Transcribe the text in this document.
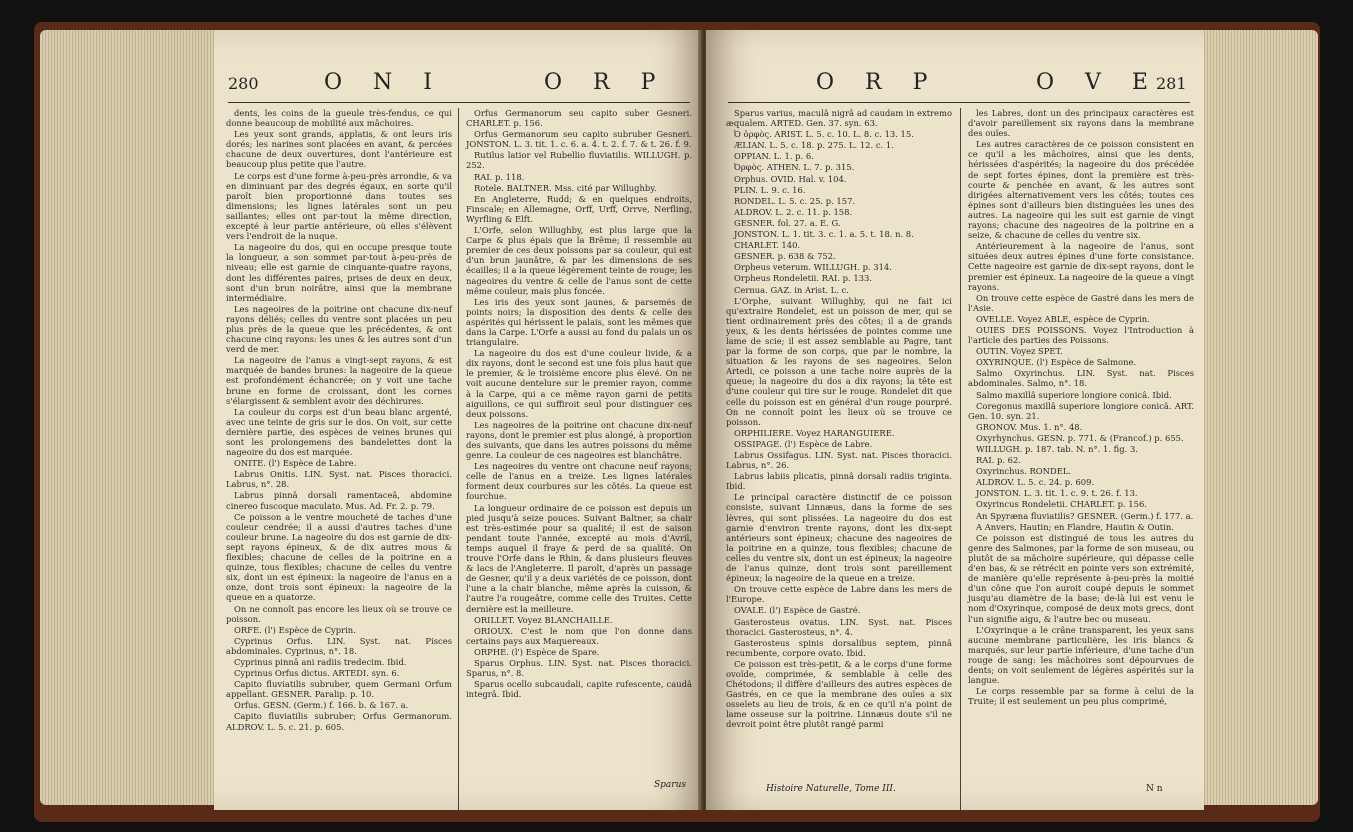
280	O N I	O R P

dents, les coins de la gueule très-fendus, ce qui donne beaucoup de mobilité aux mâchoires.

Les yeux sont grands, applatis, & ont leurs iris dorés; les narines sont placées en avant, & percées chacune de deux ouvertures, dont l'antérieure est beaucoup plus petite que l'autre.

Le corps est d'une forme à-peu-près arrondie, & va en diminuant par des degrés égaux, en sorte qu'il paroît bien proportionné dans toutes ses dimensions; les lignes latérales sont un peu saillantes; elles ont par-tout la même direction, excepté à leur partie antérieure, où elles s'élèvent vers l'endroit de la nuque.

La nageoire du dos, qui en occupe presque toute la longueur, a son sommet par-tout à-peu-près de niveau; elle est garnie de cinquante-quatre rayons, dont les différentes paires, prises de deux en deux, sont d'un brun noirâtre, ainsi que la membrane intermédiaire.

Les nageoires de la poitrine ont chacune dix-neuf rayons déliés; celles du ventre sont placées un peu plus près de la queue que les précédentes, & ont chacune cinq rayons: les unes & les autres sont d'un verd de mer.

La nageoire de l'anus a vingt-sept rayons, & est marquée de bandes brunes: la nageoire de la queue est profondément échancrée; on y voit une tache brune en forme de croissant, dont les cornes s'élargissent & semblent avoir des déchirures.

La couleur du corps est d'un beau blanc argenté, avec une teinte de gris sur le dos. On voit, sur cette dernière partie, des espèces de veines brunes qui sont les prolongemens des bandelettes dont la nageoire du dos est marquée.

ONITE. (l') Espèce de Labre.

Labrus Onitis. LIN. Syst. nat. Pisces thoracici. Labrus, n°. 28.

Labrus pinnâ dorsali ramentaceâ, abdomine cinereo fuscoque maculato. Mus. Ad. Fr. 2. p. 79.

Ce poisson a le ventre moucheté de taches d'une couleur cendrée; il a aussi d'autres taches d'une couleur brune. La nageoire du dos est garnie de dix-sept rayons épineux, & de dix autres mous & flexibles; chacune de celles de la poitrine en a quinze, tous flexibles; chacune de celles du ventre six, dont un est épineux: la nageoire de l'anus en a onze, dont trois sont épineux: la nageoire de la queue en a quatorze.

On ne connoît pas encore les lieux où se trouve ce poisson.

ORFE. (l') Espèce de Cyprin.

Cyprinus Orfus. LIN. Syst. nat. Pisces abdominales. Cyprinus, n°. 18.

Cyprinus pinnâ ani radiis tredecim. Ibid.

Cyprinus Orfus dictus. ARTEDI. syn. 6.

Capito fluviatilis subruber, quem Germani Orfum appellant. GESNER. Paralip. p. 10.

Orfus. GESN. (Germ.) f. 166. b. & 167. a.

Capito fluviatilis subruber; Orfus Germanorum. ALDROV. L. 5. c. 21. p. 605.

Orfus Germanorum seu capito suber Gesneri. CHARLET. p. 156.

Orfus Germanorum seu capito subruber Gesneri. JONSTON. L. 3. tit. 1. c. 6. a. 4. t. 2. f. 7. & t. 26. f. 9.

Rutilus latior vel Rubellio fluviatilis. WILLUGH. p. 252.

RAI. p. 118.

Rotele. BALTNER. Mss. cité par Willughby.

En Angleterre, Rudd; & en quelques endroits, Finscale; en Allemagne, Orff, Urff, Orrve, Nerfling, Wyrfling & Elft.

L'Orfe, selon Willughby, est plus large que la Carpe & plus épais que la Brême; il ressemble au premier de ces deux poissons par sa couleur, qui est d'un brun jaunâtre, & par les dimensions de ses écailles; il a la queue légèrement teinte de rouge; les nageoires du ventre & celle de l'anus sont de cette même couleur, mais plus foncée.

Les iris des yeux sont jaunes, & parsemés de points noirs; la disposition des dents & celle des aspérités qui hérissent le palais, sont les mêmes que dans la Carpe. L'Orfe a aussi au fond du palais un os triangulaire.

La nageoire du dos est d'une couleur livide, & a dix rayons, dont le second est une fois plus haut que le premier, & le troisième encore plus élevé. On ne voit aucune dentelure sur le premier rayon, comme à la Carpe, qui a ce même rayon garni de petits aiguillons, ce qui suffiroit seul pour distinguer ces deux poissons.

Les nageoires de la poitrine ont chacune dix-neuf rayons, dont le premier est plus alongé, à proportion des suivants, que dans les autres poissons du même genre. La couleur de ces nageoires est blanchâtre.

Les nageoires du ventre ont chacune neuf rayons; celle de l'anus en a treize. Les lignes latérales forment deux courbures sur les côtés. La queue est fourchue.

La longueur ordinaire de ce poisson est depuis un pied jusqu'à seize pouces. Suivant Baltner, sa chair est très-estimée pour sa qualité; il est de saison pendant toute l'année, excepté au mois d'Avril, temps auquel il fraye & perd de sa qualité. On trouve l'Orfe dans le Rhin, & dans plusieurs fleuves & lacs de l'Angleterre. Il paroît, d'après un passage de Gesner, qu'il y a deux variétés de ce poisson, dont l'une a la chair blanche, même après la cuisson, & l'autre l'a rougeâtre, comme celle des Truites. Cette dernière est la meilleure.

ORILLET. Voyez BLANCHAILLE.

ORIOUX. C'est le nom que l'on donne dans certains pays aux Maquereaux.

ORPHE. (l') Espèce de Spare.

Sparus Orphus. LIN. Syst. nat. Pisces thoracici. Sparus, n°. 8.

Sparus ocello subcaudali, capite rufescente, caudâ integrâ. Ibid.

Sparus
O R P	O V E
281

Sparus varius, maculâ nigrâ ad caudam in extremo æqualem. ARTED. Gen. 37. syn. 63.

Ὀ ὀρφὸς. ARIST. L. 5. c. 10. L. 8. c. 13. 15.

ÆLIAN. L. 5. c. 18. p. 275. L. 12. c. 1.

OPPIAN. L. 1. p. 6.

Ὀρφὸς. ATHEN. L. 7. p. 315.

Orphus. OVID. Hal. v. 104.

PLIN. L. 9. c. 16.

RONDEL. L. 5. c. 25. p. 157.

ALDROV. L. 2. c. 11. p. 158.

GESNER. fol. 27. a. E. G.

JONSTON. L. 1. tit. 3. c. 1. a. 5. t. 18. n. 8.

CHARLET. 140.

GESNER. p. 638 & 752.

Orpheus veterum. WILLUGH. p. 314.

Orpheus Rondeletii. RAI. p. 133.

Cernua. GAZ. in Arist. L. c.

L'Orphe, suivant Willughby, qui ne fait ici qu'extraire Rondelet, est un poisson de mer, qui se tient ordinairement près des côtes; il a de grands yeux, & les dents hérissées de pointes comme une lame de scie; il est assez semblable au Pagre, tant par la forme de son corps, que par le nombre, la situation & les rayons de ses nageoires. Selon Artedi, ce poisson a une tache noire auprès de la queue; la nageoire du dos a dix rayons; la tête est d'une couleur qui tire sur le rouge. Rondelet dit que celle du poisson est en général d'un rouge pourpré. On ne connoît point les lieux où se trouve ce poisson.

ORPHILIERE. Voyez HARANGUIERE.

OSSIPAGE. (l') Espèce de Labre.

Labrus Ossifagus. LIN. Syst. nat. Pisces thoracici. Labrus, n°. 26.

Labrus labiis plicatis, pinnâ dorsali radiis triginta. Ibid.

Le principal caractère distinctif de ce poisson consiste, suivant Linnæus, dans la forme de ses lèvres, qui sont plissées. La nageoire du dos est garnie d'environ trente rayons, dont les dix-sept antérieurs sont épineux; chacune des nageoires de la poitrine en a quinze, tous flexibles; chacune de celles du ventre six, dont un est épineux; la nageoire de l'anus quinze, dont trois sont pareillement épineux; la nageoire de la queue en a treize.

On trouve cette espèce de Labre dans les mers de l'Europe.

OVALE. (l') Espèce de Gastré.

Gasterosteus ovatus. LIN. Syst. nat. Pisces thoracici. Gasterosteus, n°. 4.

Gasterosteus spinis dorsalibus septem, pinnâ recumbente, corpore ovato. Ibid.

Ce poisson est très-petit, & a le corps d'une forme ovoïde, comprimée, & semblable à celle des Chétodons; il diffère d'ailleurs des autres espèces de Gastrés, en ce que la membrane des ouïes a six osselets au lieu de trois, & en ce qu'il n'a point de lame osseuse sur la poitrine. Linnæus doute s'il ne devroit point être plutôt rangé parmi

les Labres, dont un des principaux caractères est d'avoir pareillement six rayons dans la membrane des ouïes.

Les autres caractères de ce poisson consistent en ce qu'il a les mâchoires, ainsi que les dents, hérissées d'aspérités; la nageoire du dos précédée de sept fortes épines, dont la première est très-courte & penchée en avant, & les autres sont dirigées alternativement vers les côtés; toutes ces épines sont d'ailleurs bien distinguées les unes des autres. La nageoire qui les suit est garnie de vingt rayons; chacune des nageoires de la poitrine en a seize, & chacune de celles du ventre six.

Antérieurement à la nageoire de l'anus, sont situées deux autres épines d'une forte consistance. Cette nageoire est garnie de dix-sept rayons, dont le premier est épineux. La nageoire de la queue a vingt rayons.

On trouve cette espèce de Gastré dans les mers de l'Asie.

OVELLE. Voyez ABLE, espèce de Cyprin.

OUIES DES POISSONS. Voyez l'Introduction à l'article des parties des Poissons.

OUTIN. Voyez SPET.

OXYRINQUE. (l') Espèce de Salmone.

Salmo Oxyrinchus. LIN. Syst. nat. Pisces abdominales. Salmo, n°. 18.

Salmo maxillâ superiore longiore conicâ. Ibid.

Coregonus maxillâ superiore longiore conicâ. ART. Gen. 10. syn. 21.

GRONOV. Mus. 1. n°. 48.

Oxyrhynchus. GESN. p. 771. & (Francof.) p. 655.

WILLUGH. p. 187. tab. N. n°. 1. fig. 3.

RAI. p. 62.

Oxyrinchus. RONDEL.

ALDROV. L. 5. c. 24. p. 609.

JONSTON. L. 3. tit. 1. c. 9. t. 26. f. 13.

Oxyrincus Rondeletii. CHARLET. p. 156.

An Spyræna fluviatilis? GESNER. (Germ.) f. 177. a.

A Anvers, Hautin; en Flandre, Hautin & Outin.

Ce poisson est distingué de tous les autres du genre des Salmones, par la forme de son museau, ou plutôt de sa mâchoire supérieure, qui dépasse celle d'en bas, & se rétrécit en pointe vers son extrémité, de manière qu'elle représente à-peu-près la moitié d'un cône que l'on auroit coupé depuis le sommet jusqu'au diamètre de la base; de-là lui est venu le nom d'Oxyrinque, composé de deux mots grecs, dont l'un signifie aigu, & l'autre bec ou museau.

L'Oxyrinque a le crâne transparent, les yeux sans aucune membrane particulière, les iris blancs & marqués, sur leur partie inférieure, d'une tache d'un rouge de sang: les mâchoires sont dépourvues de dents; on voit seulement de légères aspérités sur la langue.

Le corps ressemble par sa forme à celui de la Truite; il est seulement un peu plus comprimé,

Histoire Naturelle, Tome III.	N n
